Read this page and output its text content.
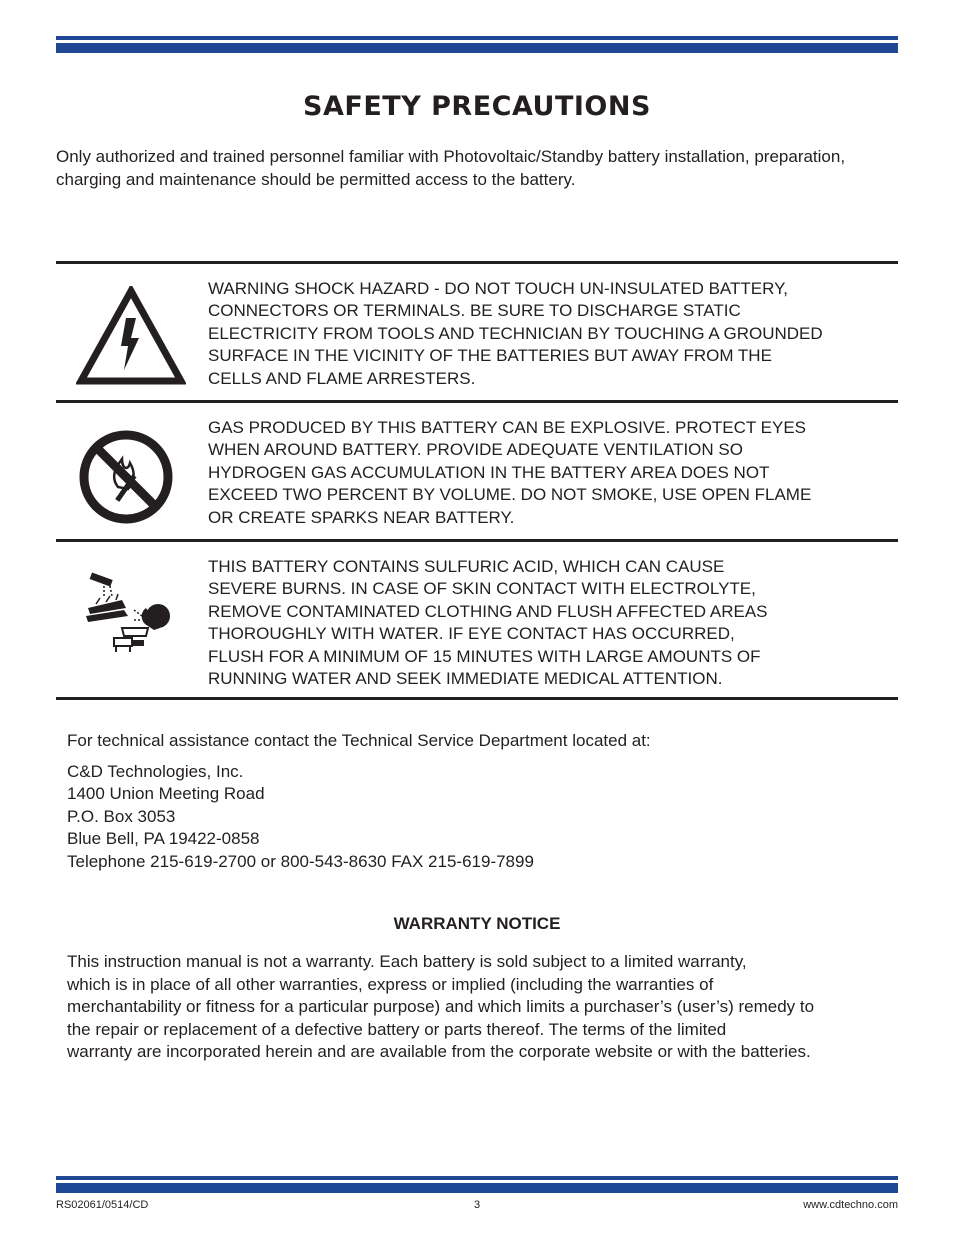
SAFETY PRECAUTIONS
Only authorized and trained personnel familiar with Photovoltaic/Standby battery installation, preparation, charging and maintenance should be permitted access to the battery.
WARNING SHOCK HAZARD - DO NOT TOUCH UN-INSULATED BATTERY,
CONNECTORS OR TERMINALS. BE SURE TO DISCHARGE STATIC
ELECTRICITY FROM TOOLS AND TECHNICIAN BY TOUCHING A GROUNDED
SURFACE IN THE VICINITY OF THE BATTERIES BUT AWAY FROM THE
CELLS AND FLAME ARRESTERS.
GAS PRODUCED BY THIS BATTERY CAN BE EXPLOSIVE. PROTECT EYES
WHEN AROUND BATTERY. PROVIDE ADEQUATE VENTILATION SO
HYDROGEN GAS ACCUMULATION IN THE BATTERY AREA DOES NOT
EXCEED TWO PERCENT BY VOLUME. DO NOT SMOKE, USE OPEN FLAME
OR CREATE SPARKS NEAR BATTERY.
THIS BATTERY CONTAINS SULFURIC ACID, WHICH CAN CAUSE
SEVERE BURNS. IN CASE OF SKIN CONTACT WITH ELECTROLYTE,
REMOVE CONTAMINATED CLOTHING AND FLUSH AFFECTED AREAS
THOROUGHLY WITH WATER. IF EYE CONTACT HAS OCCURRED,
FLUSH FOR A MINIMUM OF 15 MINUTES WITH LARGE AMOUNTS OF
RUNNING WATER AND SEEK IMMEDIATE MEDICAL ATTENTION.
For technical assistance contact the Technical Service Department located at:
C&D Technologies, Inc.
1400 Union Meeting Road
P.O. Box 3053
Blue Bell, PA 19422-0858
Telephone 215-619-2700 or 800-543-8630 FAX 215-619-7899
WARRANTY NOTICE
This instruction manual is not a warranty. Each battery is sold subject to a limited warranty,
which is in place of all other warranties, express or implied (including the warranties of
merchantability or fitness for a particular purpose) and which limits a purchaser’s (user’s) remedy to
the repair or replacement of a defective battery or parts thereof. The terms of the limited
warranty are incorporated herein and are available from the corporate website or with the batteries.
RS02061/0514/CD	3	www.cdtechno.com
